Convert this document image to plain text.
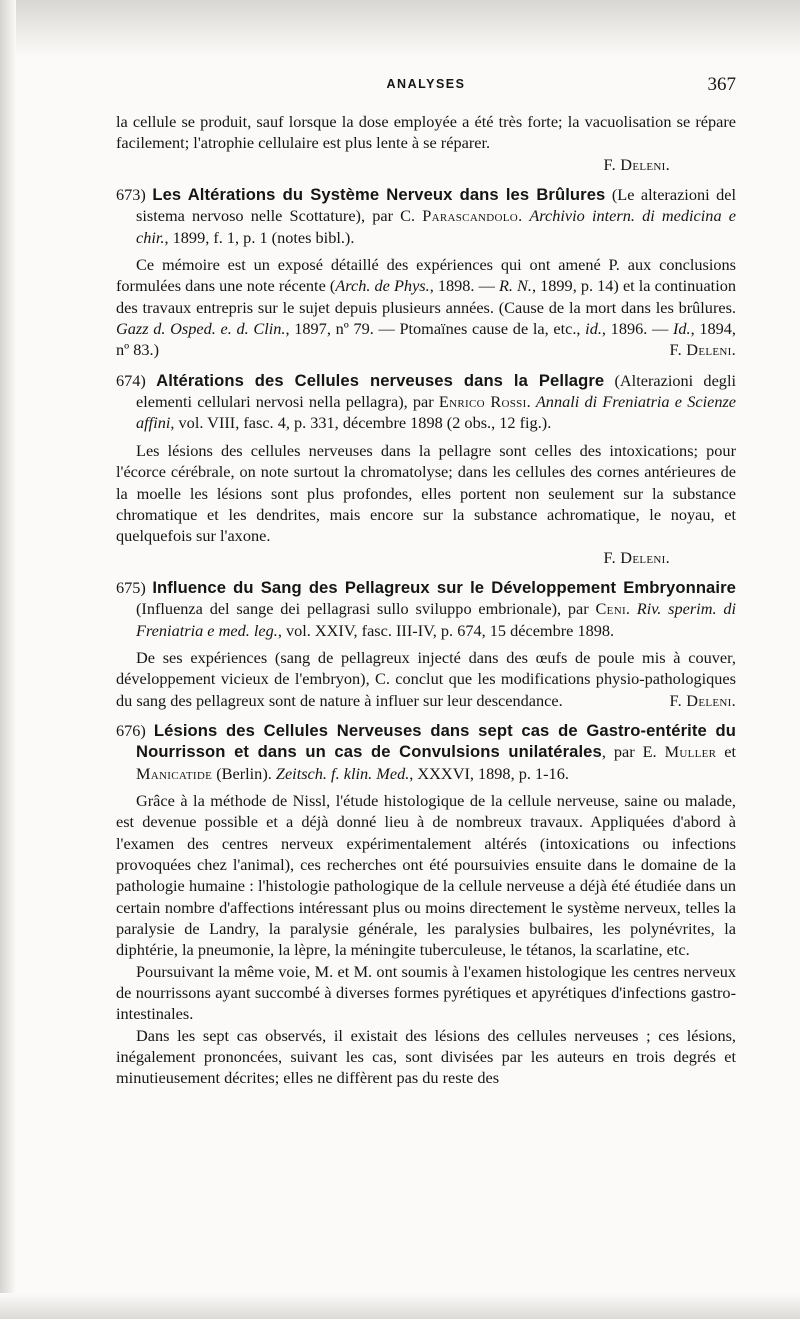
ANALYSES	367

la cellule se produit, sauf lorsque la dose employée a été très forte; la vacuolisation se répare facilement; l'atrophie cellulaire est plus lente à se réparer.

F. Deleni.

673) Les Altérations du Système Nerveux dans les Brûlures (Le alterazioni del sistema nervoso nelle Scottature), par C. Parascandolo. Archivio intern. di medicina e chir., 1899, f. 1, p. 1 (notes bibl.).

Ce mémoire est un exposé détaillé des expériences qui ont amené P. aux conclusions formulées dans une note récente (Arch. de Phys., 1898. — R. N., 1899, p. 14) et la continuation des travaux entrepris sur le sujet depuis plusieurs années. (Cause de la mort dans les brûlures. Gazz d. Osped. e. d. Clin., 1897, nº 79. — Ptomaïnes cause de la, etc., id., 1896. — Id., 1894, nº 83.)	F. Deleni.

674) Altérations des Cellules nerveuses dans la Pellagre (Alterazioni degli elementi cellulari nervosi nella pellagra), par Enrico Rossi. Annali di Freniatria e Scienze affini, vol. VIII, fasc. 4, p. 331, décembre 1898 (2 obs., 12 fig.).

Les lésions des cellules nerveuses dans la pellagre sont celles des intoxications; pour l'écorce cérébrale, on note surtout la chromatolyse; dans les cellules des cornes antérieures de la moelle les lésions sont plus profondes, elles portent non seulement sur la substance chromatique et les dendrites, mais encore sur la substance achromatique, le noyau, et quelquefois sur l'axone.

F. Deleni.

675) Influence du Sang des Pellagreux sur le Développement Embryonnaire (Influenza del sange dei pellagrasi sullo sviluppo embrionale), par Ceni. Riv. sperim. di Freniatria e med. leg., vol. XXIV, fasc. III-IV, p. 674, 15 décembre 1898.

De ses expériences (sang de pellagreux injecté dans des œufs de poule mis à couver, développement vicieux de l'embryon), C. conclut que les modifications physio-pathologiques du sang des pellagreux sont de nature à influer sur leur descendance.	F. Deleni.

676) Lésions des Cellules Nerveuses dans sept cas de Gastro-entérite du Nourrisson et dans un cas de Convulsions unilatérales, par E. Muller et Manicatide (Berlin). Zeitsch. f. klin. Med., XXXVI, 1898, p. 1-16.

Grâce à la méthode de Nissl, l'étude histologique de la cellule nerveuse, saine ou malade, est devenue possible et a déjà donné lieu à de nombreux travaux. Appliquées d'abord à l'examen des centres nerveux expérimentalement altérés (intoxications ou infections provoquées chez l'animal), ces recherches ont été poursuivies ensuite dans le domaine de la pathologie humaine : l'histologie pathologique de la cellule nerveuse a déjà été étudiée dans un certain nombre d'affections intéressant plus ou moins directement le système nerveux, telles la paralysie de Landry, la paralysie générale, les paralysies bulbaires, les polynévrites, la diphtérie, la pneumonie, la lèpre, la méningite tuberculeuse, le tétanos, la scarlatine, etc.

Poursuivant la même voie, M. et M. ont soumis à l'examen histologique les centres nerveux de nourrissons ayant succombé à diverses formes pyrétiques et apyrétiques d'infections gastro-intestinales.

Dans les sept cas observés, il existait des lésions des cellules nerveuses ; ces lésions, inégalement prononcées, suivant les cas, sont divisées par les auteurs en trois degrés et minutieusement décrites; elles ne diffèrent pas du reste des
